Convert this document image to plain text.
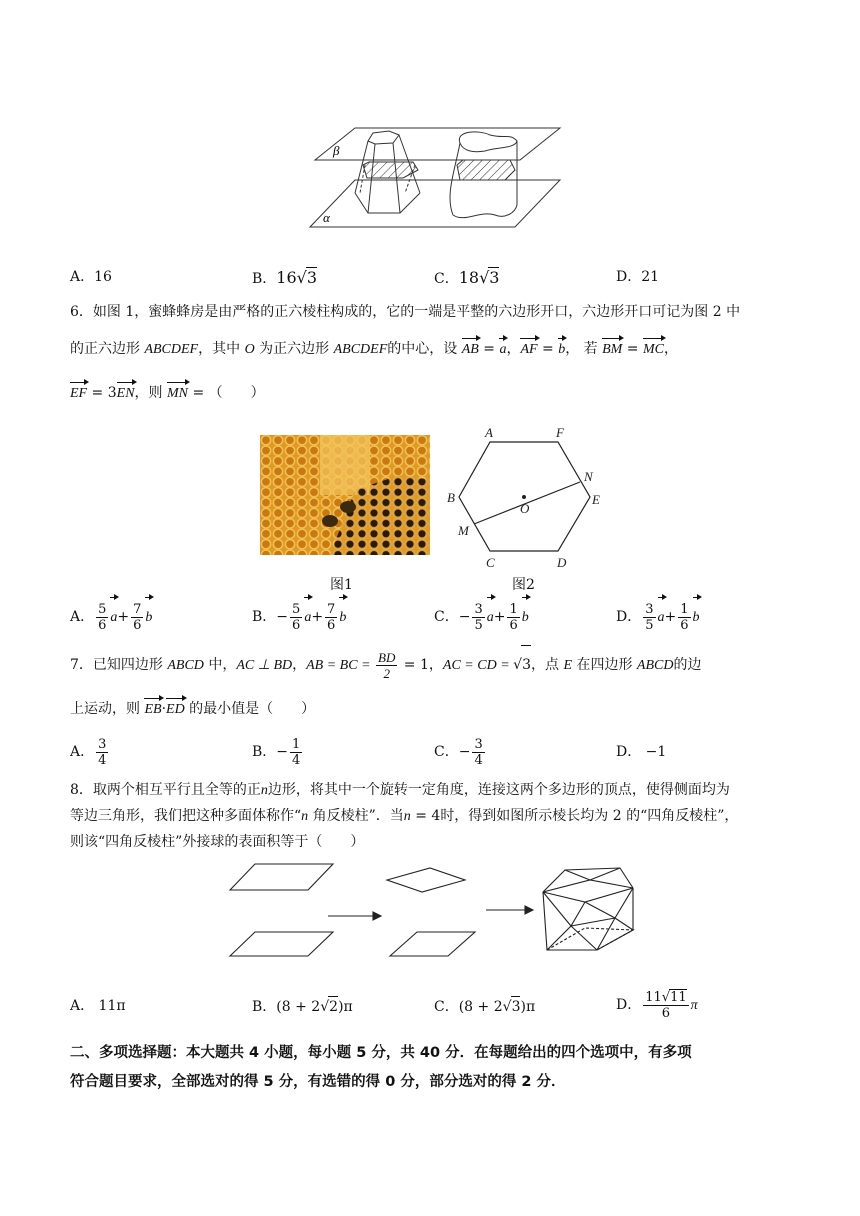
β
α
A．16	B．16√3	C．18√3	D．21
6．如图 1，蜜蜂蜂房是由严格的正六棱柱构成的，它的一端是平整的六边形开口，六边形开口可记为图 2 中
的正六边形 ABCDEF，其中 O 为正六边形 ABCDEF的中心，设 AB = a，AF = b， 若 BM = MC，
EF = 3EN，则 MN = （　　）
图1
A	F
B
N
E
O
M
C	D
图2
A． $\frac{5}{6} a+ \frac{7}{6}$ b	B．− $\frac{5}{6} a+ \frac{7}{6}$ b	C．− $\frac{3}{5} a+ \frac{1}{6}$ b	D． $\frac{3}{5} a+ \frac{1}{6}$ b
7．已知四边形 ABCD 中，AC ⊥ BD，AB = BC = $\frac{BD}{2} = 1$，AC = CD = √3，点 E 在四边形 ABCD的边
上运动，则 EB·ED 的最小值是（　　）
A． $\frac{3}{4}$	B．− $\frac{1}{4}$	C．− $\frac{3}{4}$	D． −1
8．取两个相互平行且全等的正n边形，将其中一个旋转一定角度，连接这两个多边形的顶点，使得侧面均为
等边三角形，我们把这种多面体称作“n 角反棱柱”．当n = 4时，得到如图所示棱长均为 2 的“四角反棱柱”，
则该“四角反棱柱”外接球的表面积等于（　　）
A． 11π	B．(8 + 2√2)π	C．(8 + 2√3)π	D． $\frac{11√11}{6}$ π
二、多项选择题：本大题共 4 小题，每小题 5 分，共 40 分．在每题给出的四个选项中，有多项
符合题目要求，全部选对的得 5 分，有选错的得 0 分，部分选对的得 2 分．
